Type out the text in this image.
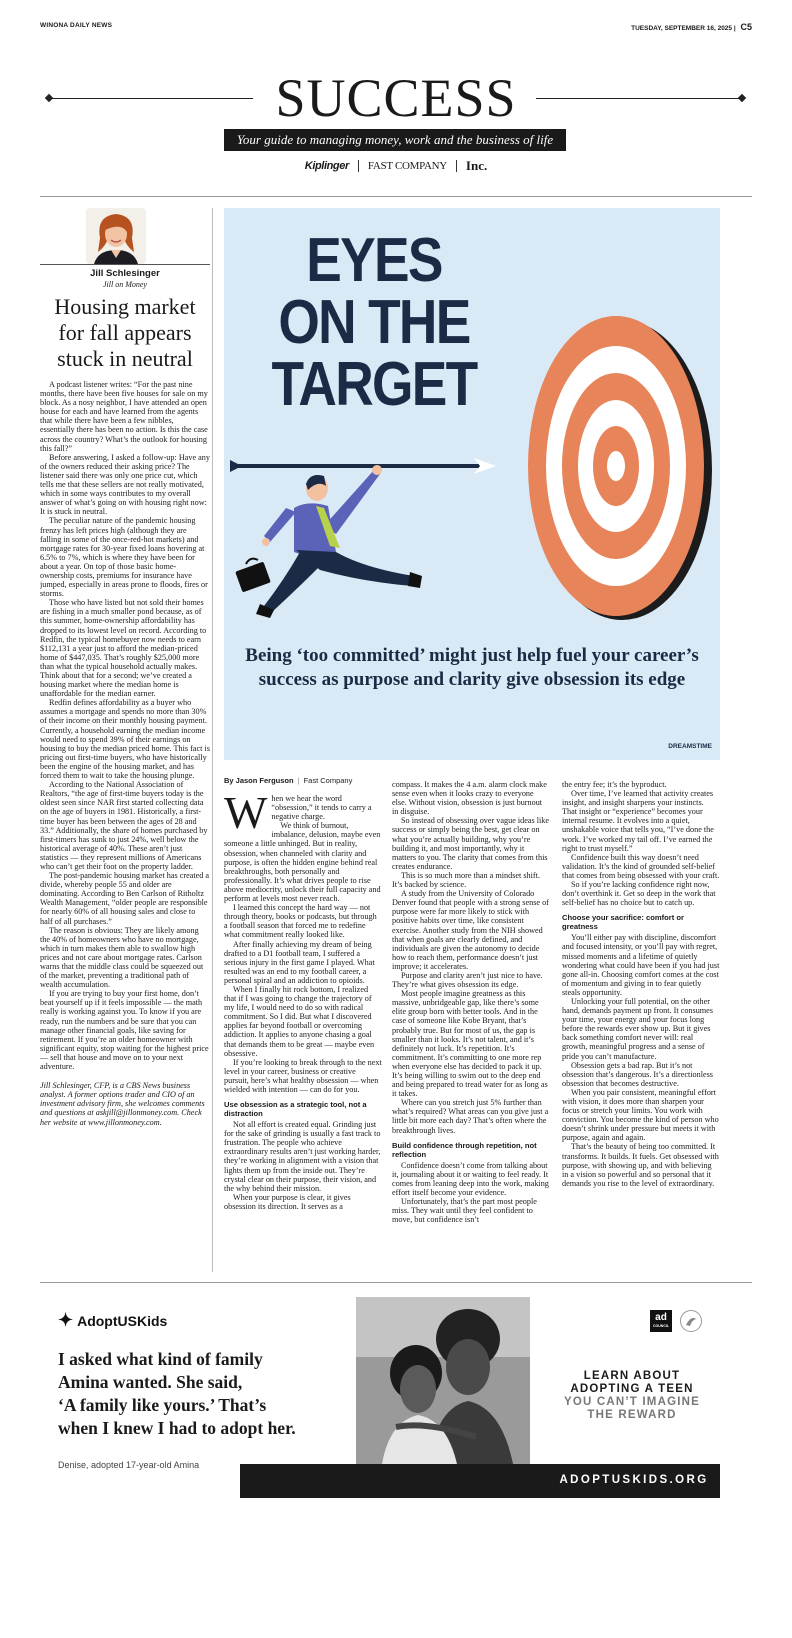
WINONA DAILY NEWS	TUESDAY, SEPTEMBER 16, 2025 | C5
SUCCESS
Your guide to managing money, work and the business of life
Kiplinger	FAST COMPANY	Inc.
Jill Schlesinger
Jill on Money
Housing market for fall appears stuck in neutral

A podcast listener writes: “For the past nine months, there have been five houses for sale on my block. As a nosy neighbor, I have attended an open house for each and have learned from the agents that while there have been a few nibbles, essentially there has been no action. Is this the case across the country? What’s the outlook for housing this fall?”

Before answering, I asked a follow-up: Have any of the owners reduced their asking price? The listener said there was only one price cut, which tells me that these sellers are not really motivated, which in some ways contributes to my overall answer of what’s going on with housing right now: It is stuck in neutral.

The peculiar nature of the pandemic housing frenzy has left prices high (although they are falling in some of the once-red-hot markets) and mortgage rates for 30-year fixed loans hovering at 6.5% to 7%, which is where they have been for about a year. On top of those basic home-ownership costs, premiums for insurance have jumped, especially in areas prone to floods, fires or storms.

Those who have listed but not sold their homes are fishing in a much smaller pond because, as of this summer, home-ownership affordability has dropped to its lowest level on record. According to Redfin, the typical homebuyer now needs to earn $112,131 a year just to afford the median-priced home of $447,035. That’s roughly $25,000 more than what the typical household actually makes. Think about that for a second; we’ve created a housing market where the median home is unaffordable for the median earner.

Redfin defines affordability as a buyer who assumes a mortgage and spends no more than 30% of their income on their monthly housing payment. Currently, a household earning the median income would need to spend 39% of their earnings on housing to buy the median priced home. This fact is pricing out first-time buyers, who have historically been the engine of the housing market, and has forced them to wait to take the housing plunge.

According to the National Association of Realtors, “the age of first-time buyers today is the oldest seen since NAR first started collecting data on the age of buyers in 1981. Historically, a first-time buyer has been between the ages of 28 and 33.” Additionally, the share of homes purchased by first-timers has sunk to just 24%, well below the historical average of 40%. These aren’t just statistics — they represent millions of Americans who can’t get their foot on the property ladder.

The post-pandemic housing market has created a divide, whereby people 55 and older are dominating. According to Ben Carlson of Ritholtz Wealth Management, “older people are responsible for nearly 60% of all housing sales and close to half of all purchases.”

The reason is obvious: They are likely among the 40% of homeowners who have no mortgage, which in turn makes them able to swallow high prices and not care about mortgage rates. Carlson warns that the middle class could be squeezed out of the market, preventing a traditional path of wealth accumulation.

If you are trying to buy your first home, don’t beat yourself up if it feels impossible — the math really is working against you. To know if you are ready, run the numbers and be sure that you can manage other financial goals, like saving for retirement. If you’re an older homeowner with significant equity, stop waiting for the highest price — sell that house and move on to your next adventure.

Jill Schlesinger, CFP, is a CBS News business analyst. A former options trader and CIO of an investment advisory firm, she welcomes comments and questions at askjill@jillonmoney.com. Check her website at www.jillonmoney.com.

EYES
ON THE
TARGET
Being ‘too committed’ might just help fuel your career’s success as purpose and clarity give obsession its edge
DREAMSTIME
By Jason Ferguson | Fast Company

When we hear the word “obsession,” it tends to carry a negative charge.

We think of burnout, imbalance, delusion, maybe even someone a little unhinged. But in reality, obsession, when channeled with clarity and purpose, is often the hidden engine behind real breakthroughs, both personally and professionally. It’s what drives people to rise above mediocrity, unlock their full capacity and perform at levels most never reach.

I learned this concept the hard way — not through theory, books or podcasts, but through a football season that forced me to redefine what commitment really looked like.

After finally achieving my dream of being drafted to a D1 football team, I suffered a serious injury in the first game I played. What resulted was an end to my football career, a personal spiral and an addiction to opioids.

When I finally hit rock bottom, I realized that if I was going to change the trajectory of my life, I would need to do so with radical commitment. So I did. But what I discovered applies far beyond football or overcoming addiction. It applies to anyone chasing a goal that demands them to be great — maybe even obsessive.

If you’re looking to break through to the next level in your career, business or creative pursuit, here’s what healthy obsession — when wielded with intention — can do for you.

Use obsession as a strategic tool, not a distraction

Not all effort is created equal. Grinding just for the sake of grinding is usually a fast track to frustration. The people who achieve extraordinary results aren’t just working harder, they’re working in alignment with a vision that lights them up from the inside out. They’re crystal clear on their purpose, their vision, and the why behind their mission.

When your purpose is clear, it gives obsession its direction. It serves as a

compass. It makes the 4 a.m. alarm clock make sense even when it looks crazy to everyone else. Without vision, obsession is just burnout in disguise.

So instead of obsessing over vague ideas like success or simply being the best, get clear on what you’re actually building, why you’re building it, and most importantly, why it matters to you. The clarity that comes from this creates endurance.

This is so much more than a mindset shift. It’s backed by science.

A study from the University of Colorado Denver found that people with a strong sense of purpose were far more likely to stick with positive habits over time, like consistent exercise. Another study from the NIH showed that when goals are clearly defined, and individuals are given the autonomy to decide how to reach them, performance doesn’t just improve; it accelerates.

Purpose and clarity aren’t just nice to have. They’re what gives obsession its edge.

Most people imagine greatness as this massive, unbridgeable gap, like there’s some elite group born with better tools. And in the case of someone like Kobe Bryant, that’s probably true. But for most of us, the gap is smaller than it looks. It’s not talent, and it’s definitely not luck. It’s repetition. It’s commitment. It’s committing to one more rep when everyone else has decided to pack it up. It’s being willing to swim out to the deep end and being prepared to tread water for as long as it takes.

Where can you stretch just 5% further than what’s required? What areas can you give just a little bit more each day? That’s often where the breakthrough lives.

Build confidence through repetition, not reflection

Confidence doesn’t come from talking about it, journaling about it or waiting to feel ready. It comes from leaning deep into the work, making effort itself become your evidence.

Unfortunately, that’s the part most people miss. They wait until they feel confident to move, but confidence isn’t

the entry fee; it’s the byproduct.

Over time, I’ve learned that activity creates insight, and insight sharpens your instincts. That insight or “experience” becomes your internal resume. It evolves into a quiet, unshakable voice that tells you, “I’ve done the work. I’ve worked my tail off. I’ve earned the right to trust myself.”

Confidence built this way doesn’t need validation. It’s the kind of grounded self-belief that comes from being obsessed with your craft.

So if you’re lacking confidence right now, don’t overthink it. Get so deep in the work that self-belief has no choice but to catch up.

Choose your sacrifice: comfort or greatness

You’ll either pay with discipline, discomfort and focused intensity, or you’ll pay with regret, missed moments and a lifetime of quietly wondering what could have been if you had just gone all-in. Choosing comfort comes at the cost of momentum and giving in to fear quietly steals opportunity.

Unlocking your full potential, on the other hand, demands payment up front. It consumes your time, your energy and your focus long before the rewards ever show up. But it gives back something comfort never will: real growth, meaningful progress and a sense of pride you can’t manufacture.

Obsession gets a bad rap. But it’s not obsession that’s dangerous. It’s a directionless obsession that becomes destructive.

When you pair consistent, meaningful effort with vision, it does more than sharpen your focus or stretch your limits. You work with conviction. You become the kind of person who doesn’t shrink under pressure but meets it with purpose, again and again.

That’s the beauty of being too committed. It transforms. It builds. It fuels. Get obsessed with purpose, with showing up, and with believing in a vision so powerful and so personal that it demands you rise to the level of extraordinary.

✦ AdoptUSKids
I asked what kind of family
Amina wanted. She said,
‘A family like yours.’ That’s
when I knew I had to adopt her.
Denise, adopted 17-year-old Amina
ADOPTUSKIDS.ORG
LEARN ABOUT
ADOPTING A TEEN
YOU CAN’T IMAGINE
THE REWARD
ad
COUNCIL
